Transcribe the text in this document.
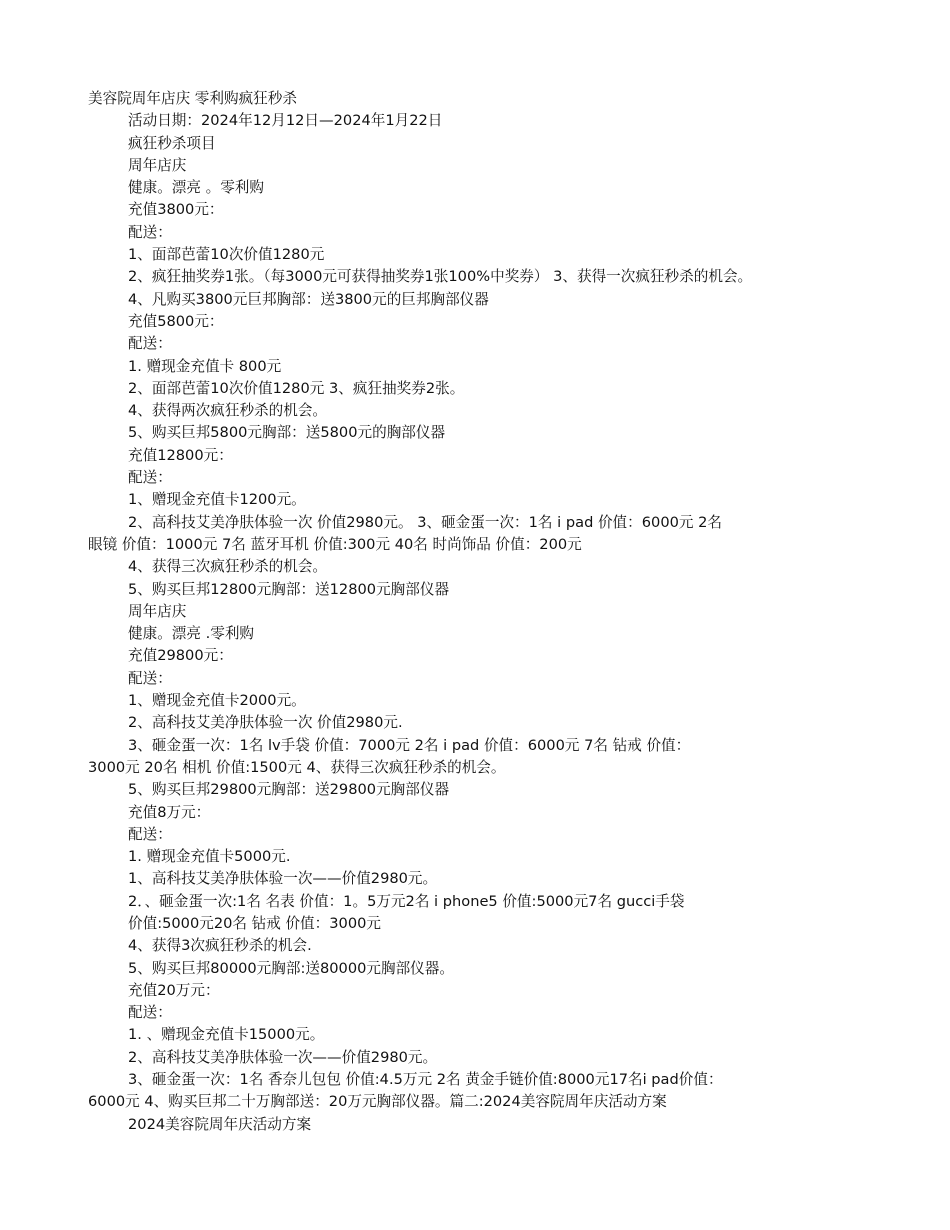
美容院周年店庆 零利购疯狂秒杀
活动日期：2024年12月12日—2024年1月22日
疯狂秒杀项目
周年店庆
健康。漂亮 。零利购
充值3800元：
配送：
1、面部芭蕾10次价值1280元
2、疯狂抽奖券1张。（每3000元可获得抽奖券1张100%中奖券） 3、获得一次疯狂秒杀的机会。
4、凡购买3800元巨邦胸部：送3800元的巨邦胸部仪器
充值5800元：
配送：
1. 赠现金充值卡 800元
2、面部芭蕾10次价值1280元 3、疯狂抽奖券2张。
4、获得两次疯狂秒杀的机会。
5、购买巨邦5800元胸部：送5800元的胸部仪器
充值12800元：
配送：
1、赠现金充值卡1200元。
2、高科技艾美净肤体验一次 价值2980元。 3、砸金蛋一次：1名 i pad 价值：6000元 2名
眼镜 价值：1000元 7名 蓝牙耳机 价值:300元 40名 时尚饰品 价值：200元
4、获得三次疯狂秒杀的机会。
5、购买巨邦12800元胸部：送12800元胸部仪器
周年店庆
健康。漂亮 .零利购
充值29800元：
配送：
1、赠现金充值卡2000元。
2、高科技艾美净肤体验一次 价值2980元.
3、砸金蛋一次：1名 lv手袋 价值：7000元 2名 i pad 价值：6000元 7名 钻戒 价值：
3000元 20名 相机 价值:1500元 4、获得三次疯狂秒杀的机会。
5、购买巨邦29800元胸部：送29800元胸部仪器
充值8万元：
配送：
1. 赠现金充值卡5000元.
1、高科技艾美净肤体验一次——价值2980元。
2．、砸金蛋一次:1名 名表 价值：1。5万元2名 i phone5 价值:5000元7名 gucci手袋
价值:5000元20名 钻戒 价值：3000元
4、获得3次疯狂秒杀的机会.
5、购买巨邦80000元胸部:送80000元胸部仪器。
充值20万元：
配送：
1. 、赠现金充值卡15000元。
2、高科技艾美净肤体验一次——价值2980元。
3、砸金蛋一次：1名 香奈儿包包 价值:4.5万元 2名 黄金手链价值:8000元17名i pad价值：
6000元 4、购买巨邦二十万胸部送：20万元胸部仪器。篇二:2024美容院周年庆活动方案
2024美容院周年庆活动方案
